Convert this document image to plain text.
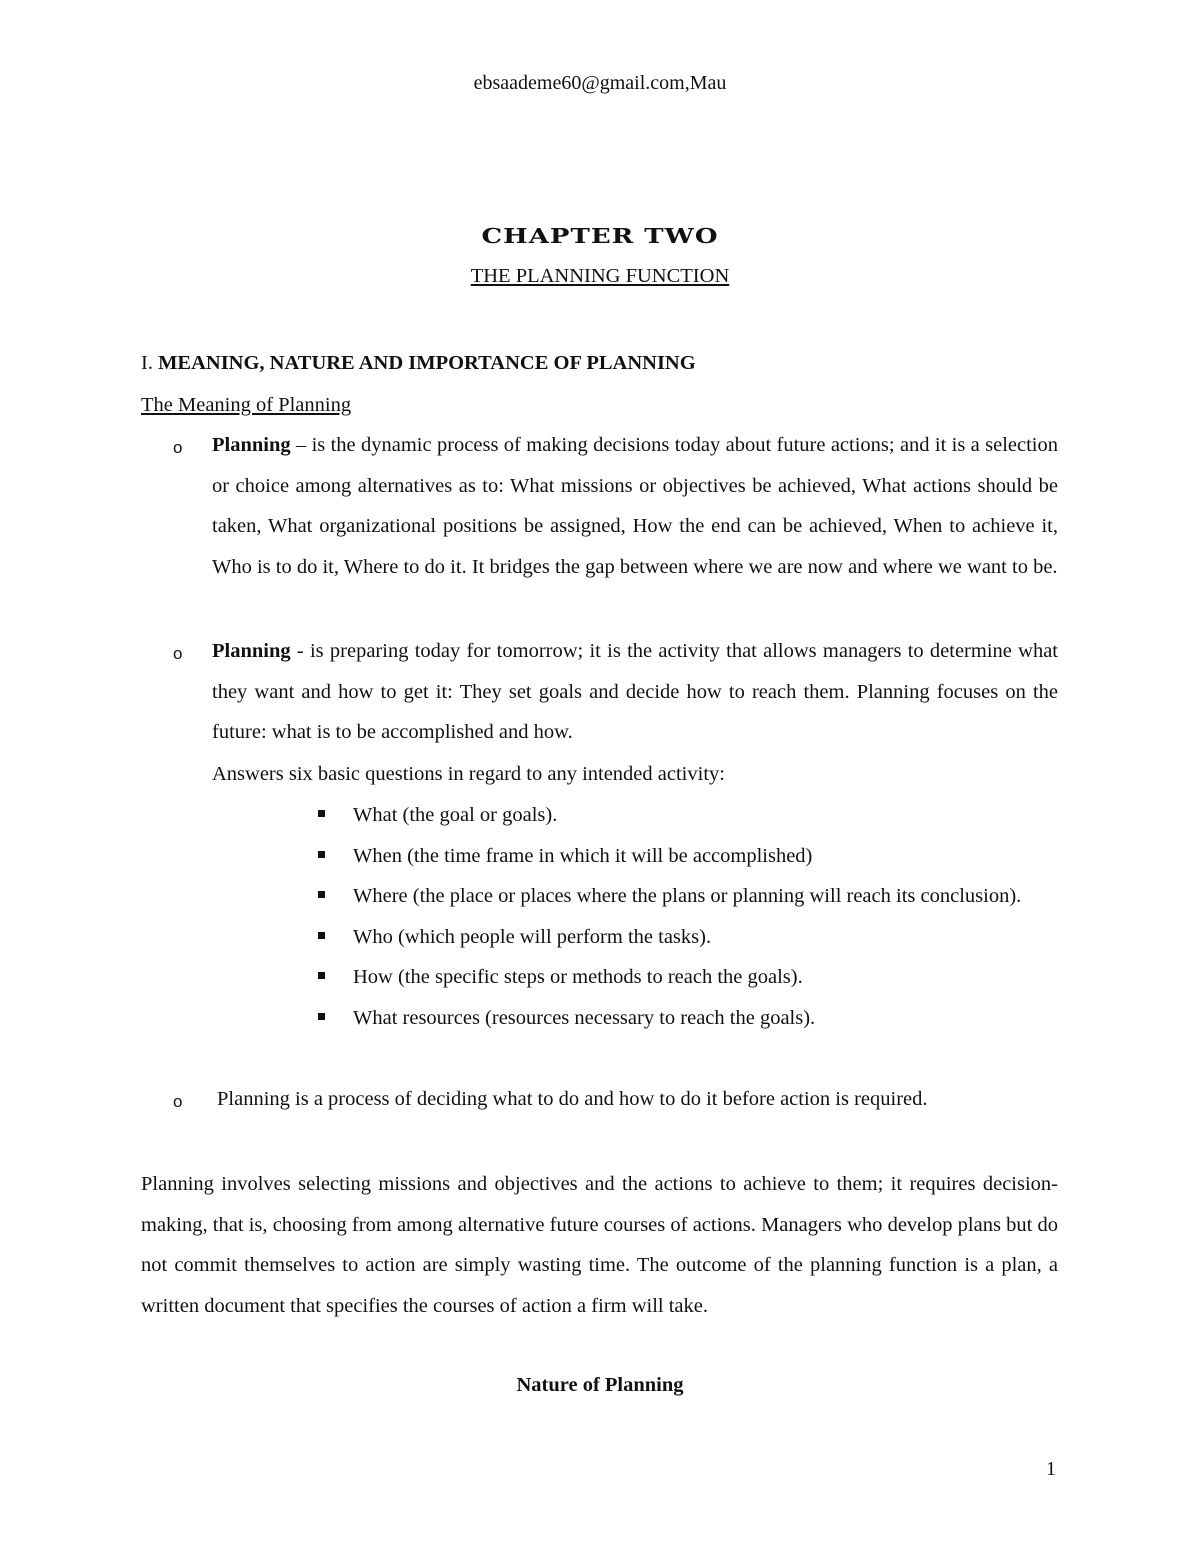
ebsaademe60@gmail.com,Mau
CHAPTER TWO
THE PLANNING FUNCTION
I. MEANING, NATURE AND IMPORTANCE OF PLANNING
The Meaning of Planning
o Planning – is the dynamic process of making decisions today about future actions; and it is a selection or choice among alternatives as to: What missions or objectives be achieved, What actions should be taken, What organizational positions be assigned, How the end can be achieved, When to achieve it, Who is to do it, Where to do it. It bridges the gap between where we are now and where we want to be.

o Planning - is preparing today for tomorrow; it is the activity that allows managers to determine what they want and how to get it: They set goals and decide how to reach them. Planning focuses on the future: what is to be accomplished and how.

Answers six basic questions in regard to any intended activity:
What (the goal or goals).
When (the time frame in which it will be accomplished)
Where (the place or places where the plans or planning will reach its conclusion).
Who (which people will perform the tasks).
How (the specific steps or methods to reach the goals).
What resources (resources necessary to reach the goals).
o Planning is a process of deciding what to do and how to do it before action is required.

Planning involves selecting missions and objectives and the actions to achieve to them; it requires decision-making, that is, choosing from among alternative future courses of actions. Managers who develop plans but do not commit themselves to action are simply wasting time. The outcome of the planning function is a plan, a written document that specifies the courses of action a firm will take.

Nature of Planning
1
